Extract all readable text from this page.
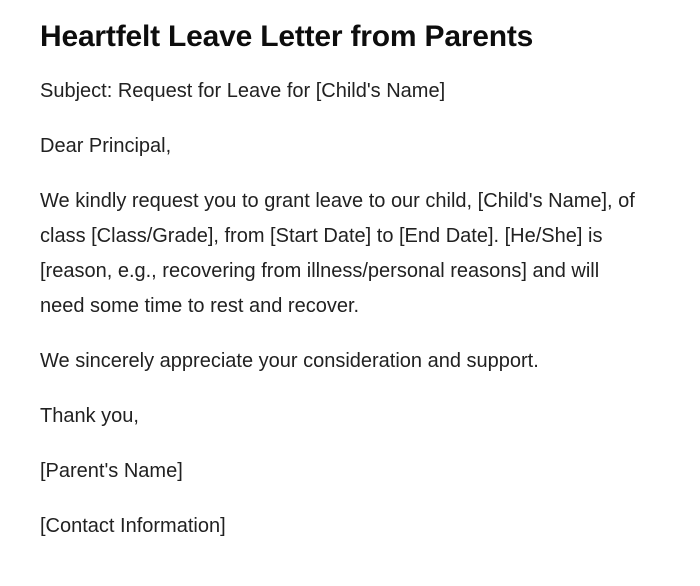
Heartfelt Leave Letter from Parents

Subject: Request for Leave for [Child's Name]

Dear Principal,

We kindly request you to grant leave to our child, [Child's Name], of class [Class/Grade], from [Start Date] to [End Date]. [He/She] is [reason, e.g., recovering from illness/personal reasons] and will need some time to rest and recover.

We sincerely appreciate your consideration and support.

Thank you,

[Parent's Name]

[Contact Information]
